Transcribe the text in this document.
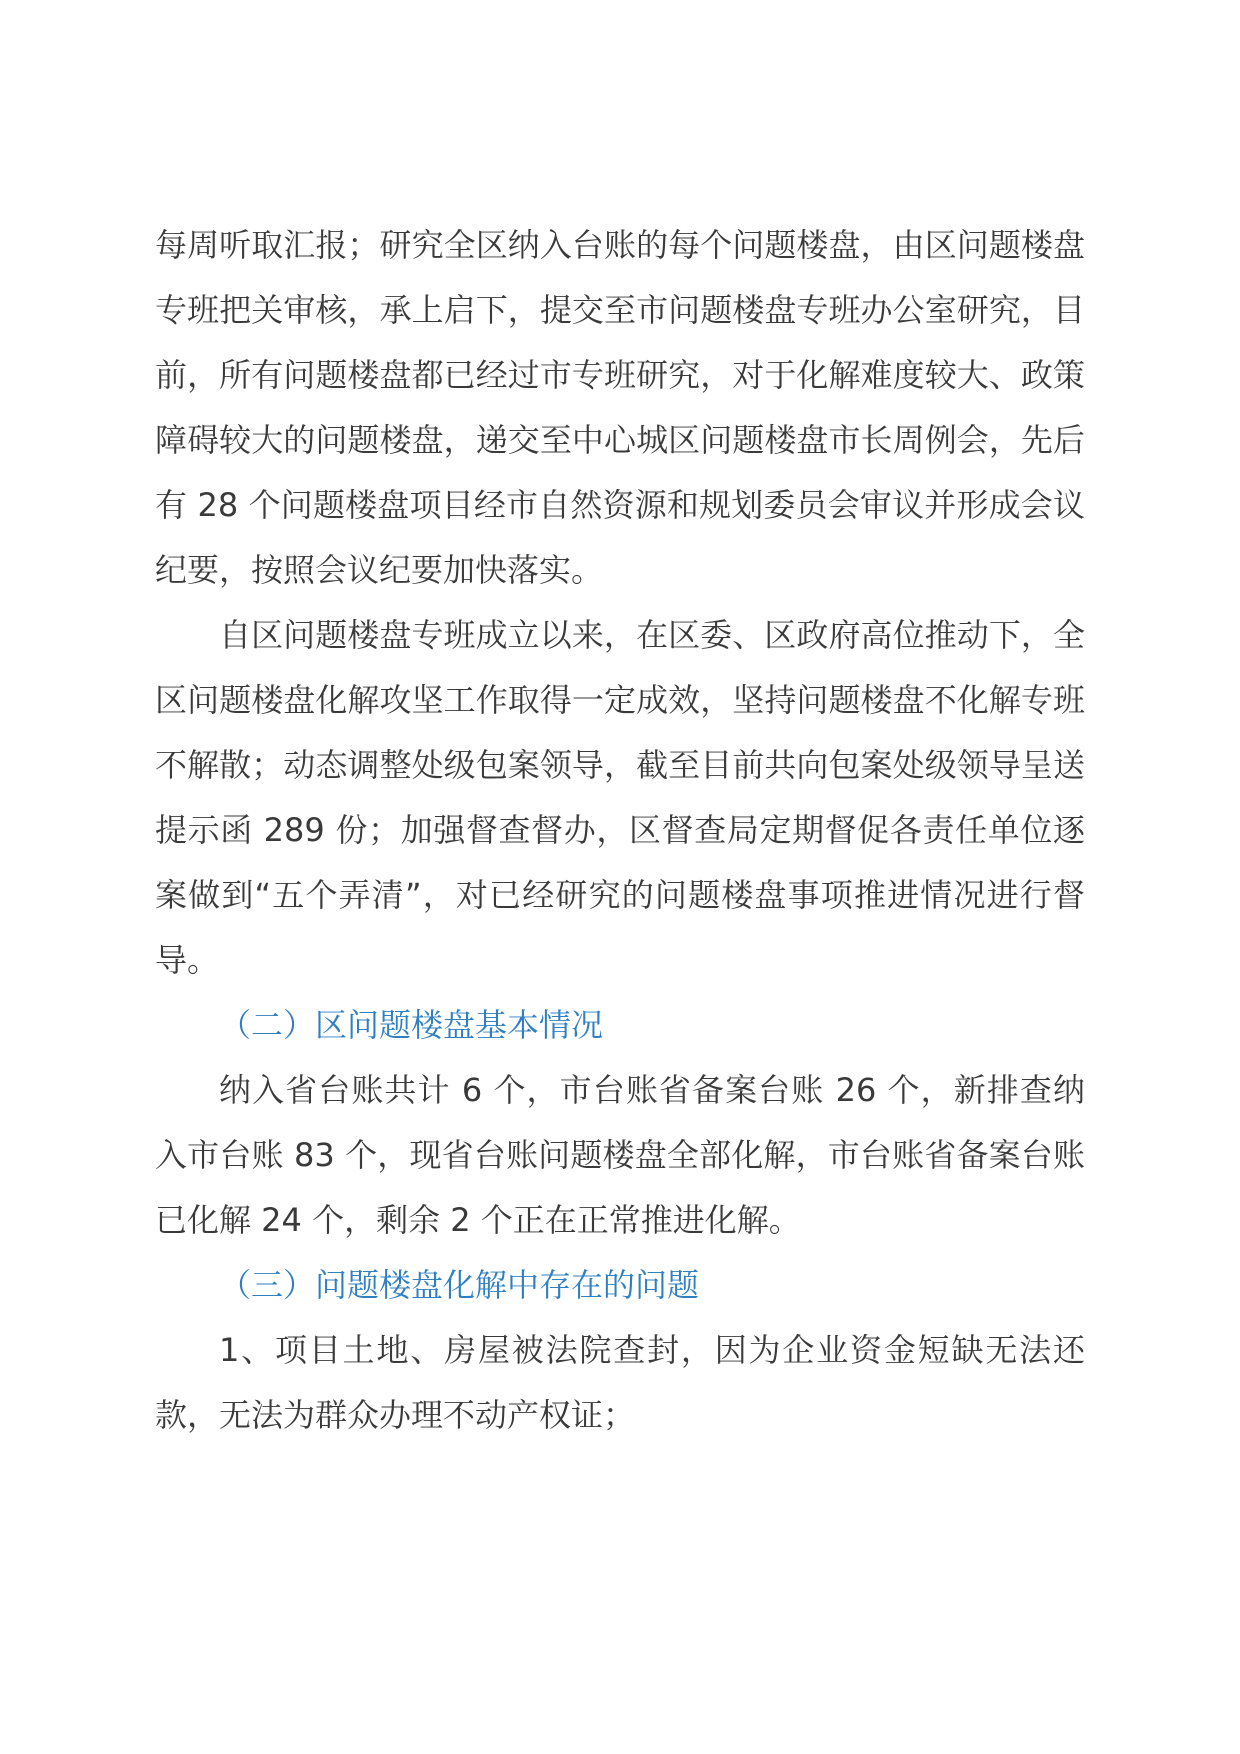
每周听取汇报；研究全区纳入台账的每个问题楼盘，由区问题楼盘专班把关审核，承上启下，提交至市问题楼盘专班办公室研究，目前，所有问题楼盘都已经过市专班研究，对于化解难度较大、政策障碍较大的问题楼盘，递交至中心城区问题楼盘市长周例会，先后有 28 个问题楼盘项目经市自然资源和规划委员会审议并形成会议纪要，按照会议纪要加快落实。

自区问题楼盘专班成立以来，在区委、区政府高位推动下，全区问题楼盘化解攻坚工作取得一定成效，坚持问题楼盘不化解专班不解散；动态调整处级包案领导，截至目前共向包案处级领导呈送提示函 289 份；加强督查督办，区督查局定期督促各责任单位逐案做到“五个弄清”，对已经研究的问题楼盘事项推进情况进行督导。

（二）区问题楼盘基本情况

纳入省台账共计 6 个，市台账省备案台账 26 个，新排查纳入市台账 83 个，现省台账问题楼盘全部化解，市台账省备案台账已化解 24 个，剩余 2 个正在正常推进化解。

（三）问题楼盘化解中存在的问题

1、项目土地、房屋被法院查封，因为企业资金短缺无法还款，无法为群众办理不动产权证；
